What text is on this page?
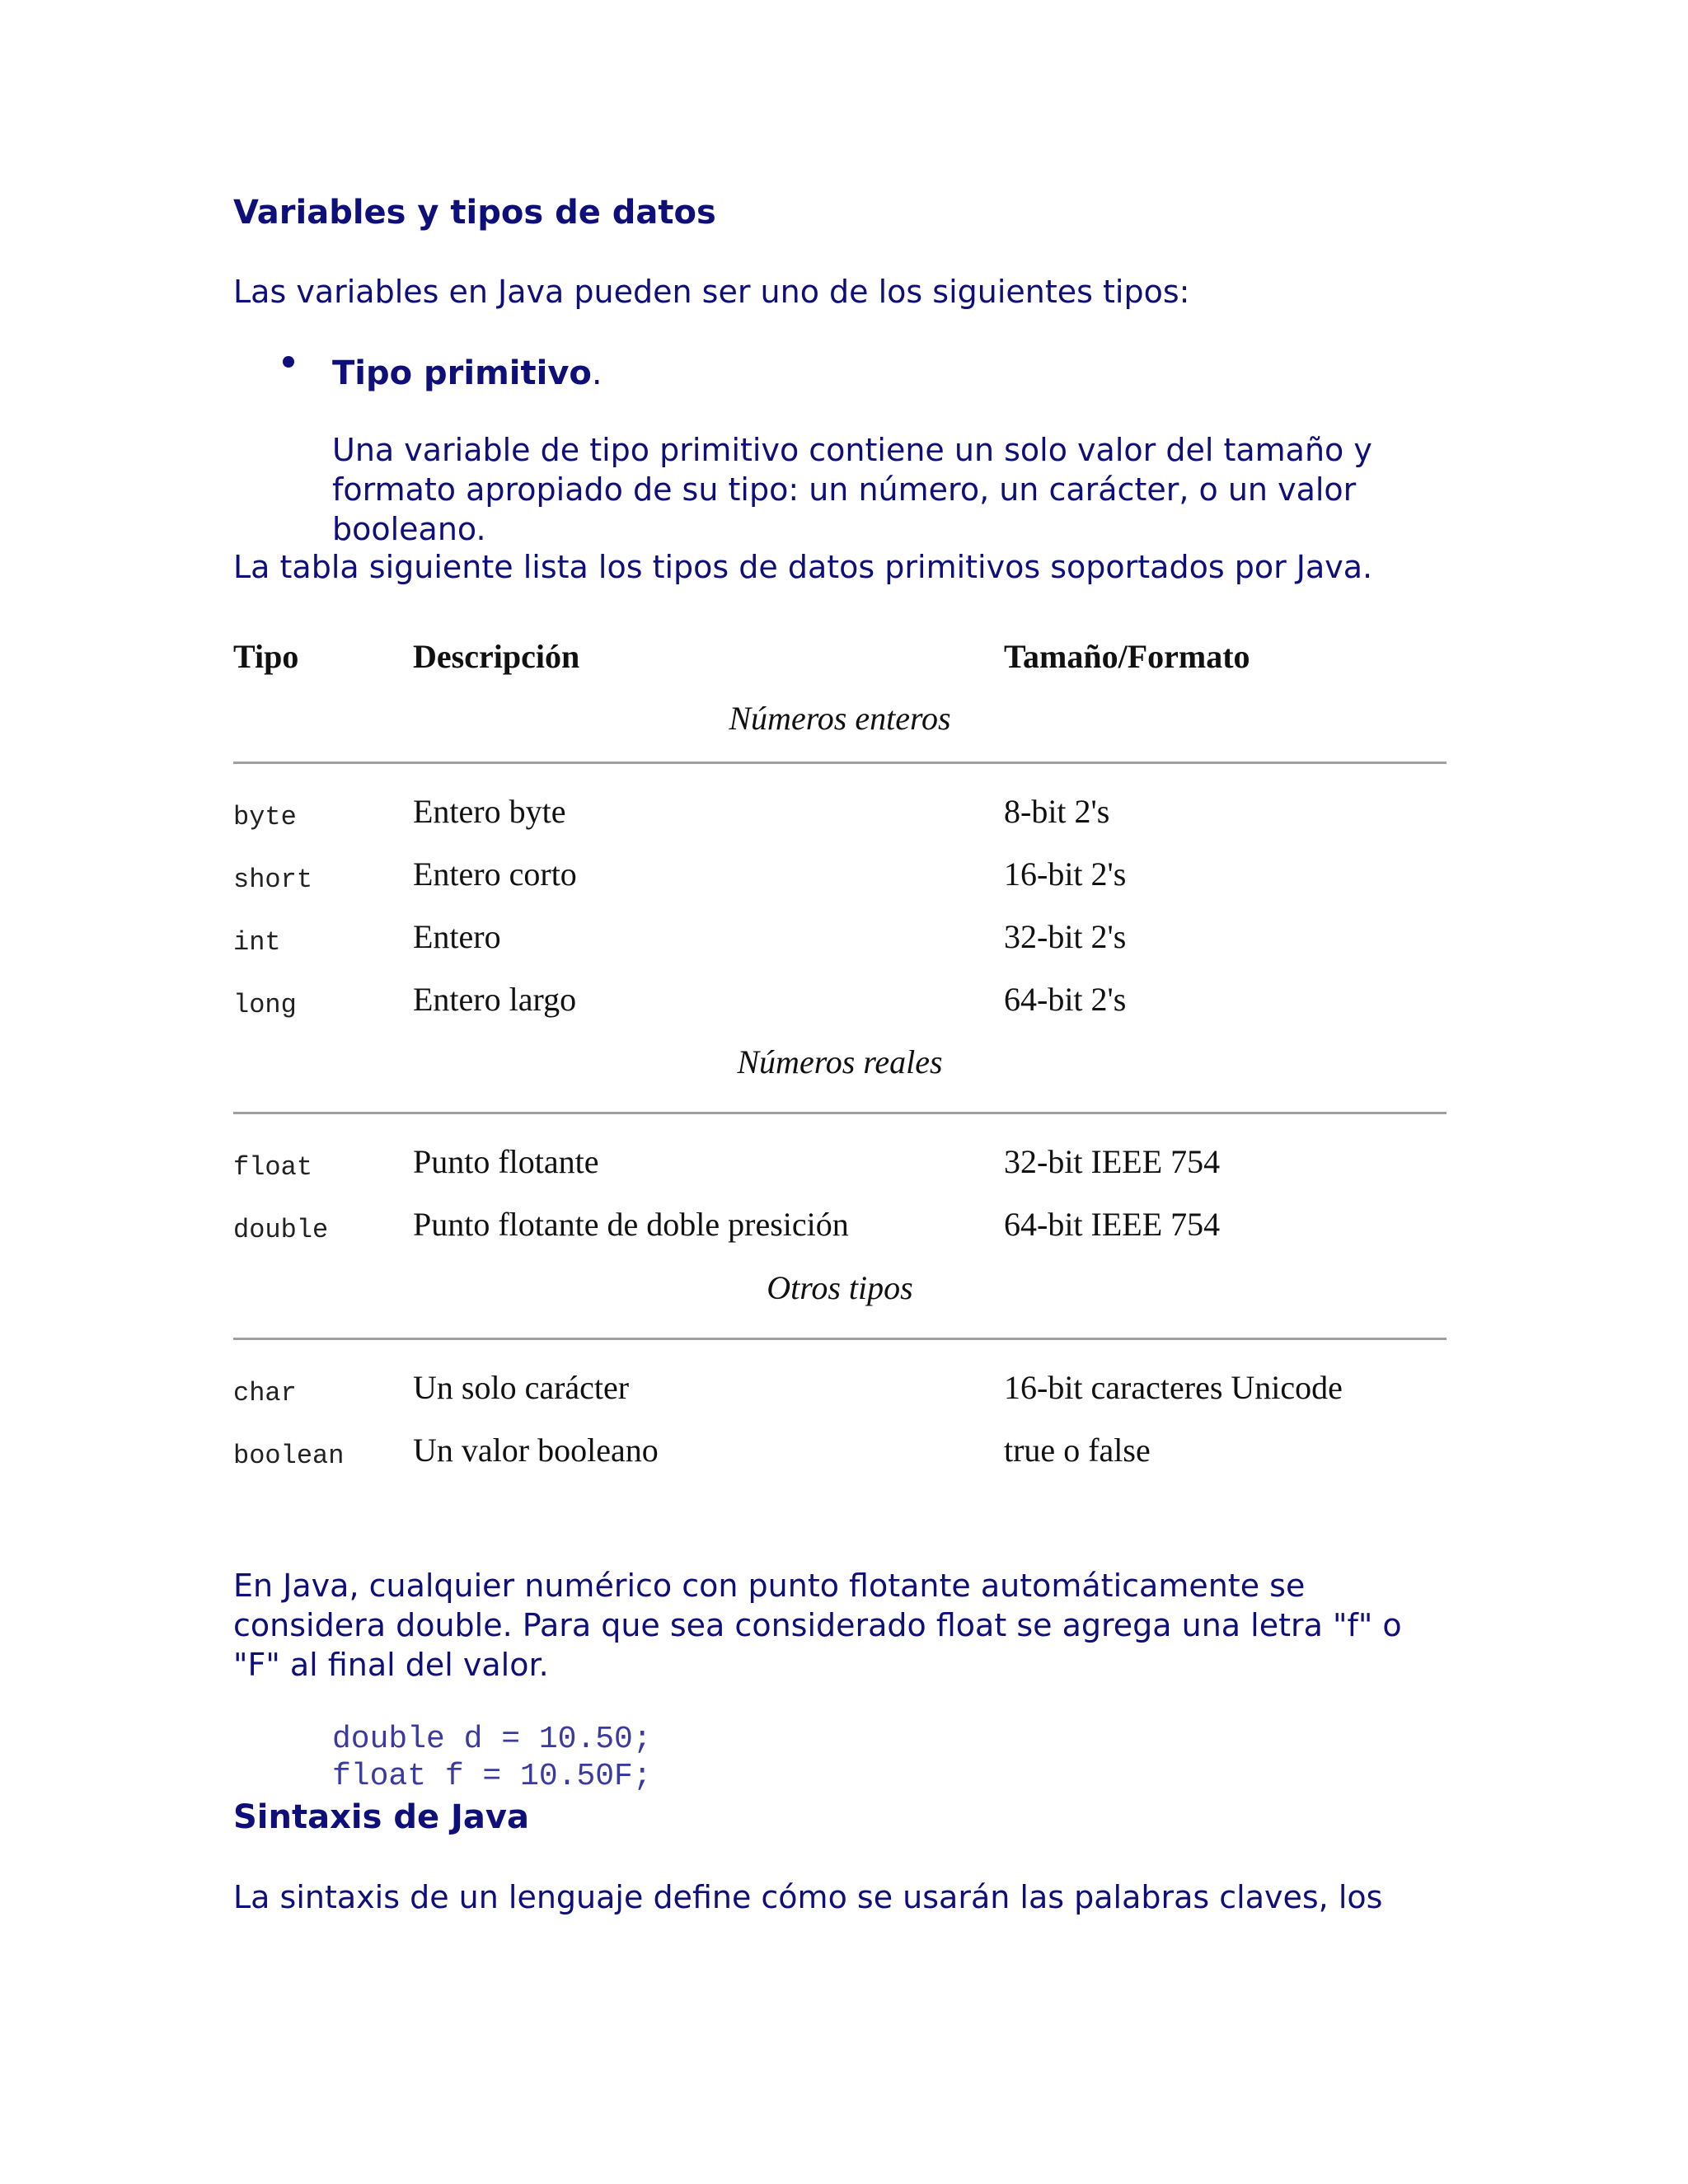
Variables y tipos de datos
Las variables en Java pueden ser uno de los siguientes tipos:
Tipo primitivo.
Una variable de tipo primitivo contiene un solo valor del tamaño y formato apropiado de su tipo: un número, un carácter, o un valor booleano.
La tabla siguiente lista los tipos de datos primitivos soportados por Java.
Tipo	Descripción	Tamaño/Formato
Números enteros
byte	Entero byte	8-bit 2's
short	Entero corto	16-bit 2's
int	Entero	32-bit 2's
long	Entero largo	64-bit 2's
Números reales
float	Punto flotante	32-bit IEEE 754
double	Punto flotante de doble presición	64-bit IEEE 754
Otros tipos
char	Un solo carácter	16-bit caracteres Unicode
boolean Un valor booleano	true o false
En Java, cualquier numérico con punto flotante automáticamente se considera double. Para que sea considerado float se agrega una letra "f" o "F" al final del valor.
double d = 10.50;
float f = 10.50F;
Sintaxis de Java
La sintaxis de un lenguaje define cómo se usarán las palabras claves, los
